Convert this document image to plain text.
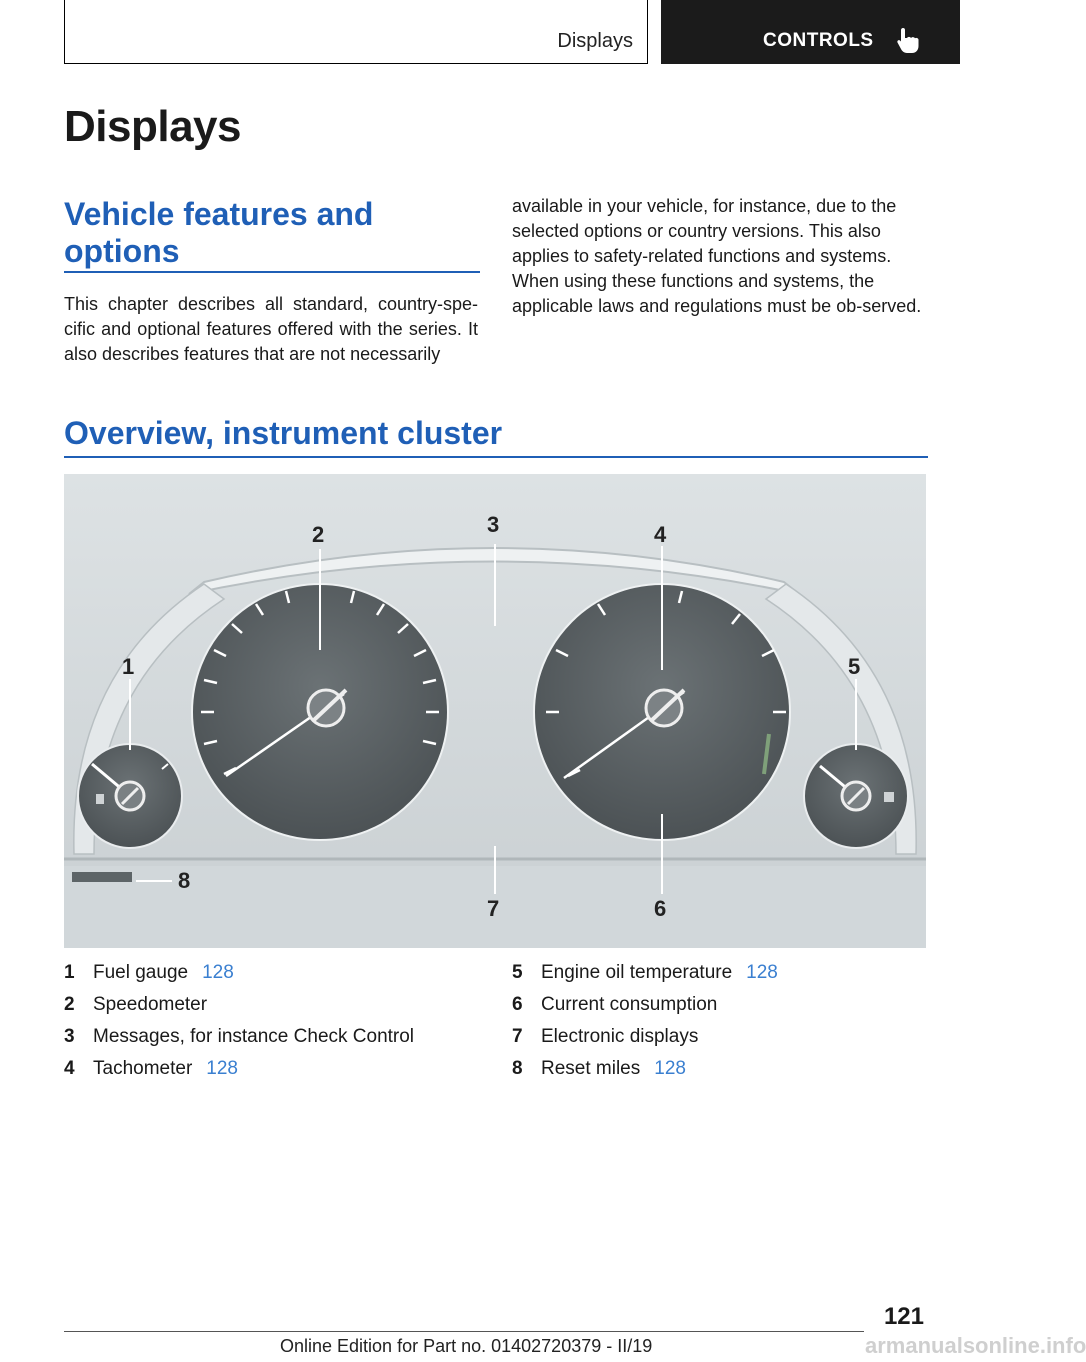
Displays	CONTROLS
Displays
Vehicle features and options

This chapter describes all standard, country-spe-cific and optional features offered with the series. It also describes features that are not necessarily

available in your vehicle, for instance, due to the selected options or country versions. This also applies to safety-related functions and systems. When using these functions and systems, the applicable laws and regulations must be ob-served.

Overview, instrument cluster
1
2	3	4
5
6
7
8
1 Fuel gauge 128
2 Speedometer
3 Messages, for instance Check Control
4 Tachometer 128
5 Engine oil temperature 128
6 Current consumption
7 Electronic displays
8 Reset miles 128
121
Online Edition for Part no. 01402720379 - II/19	armanualsonline.info
